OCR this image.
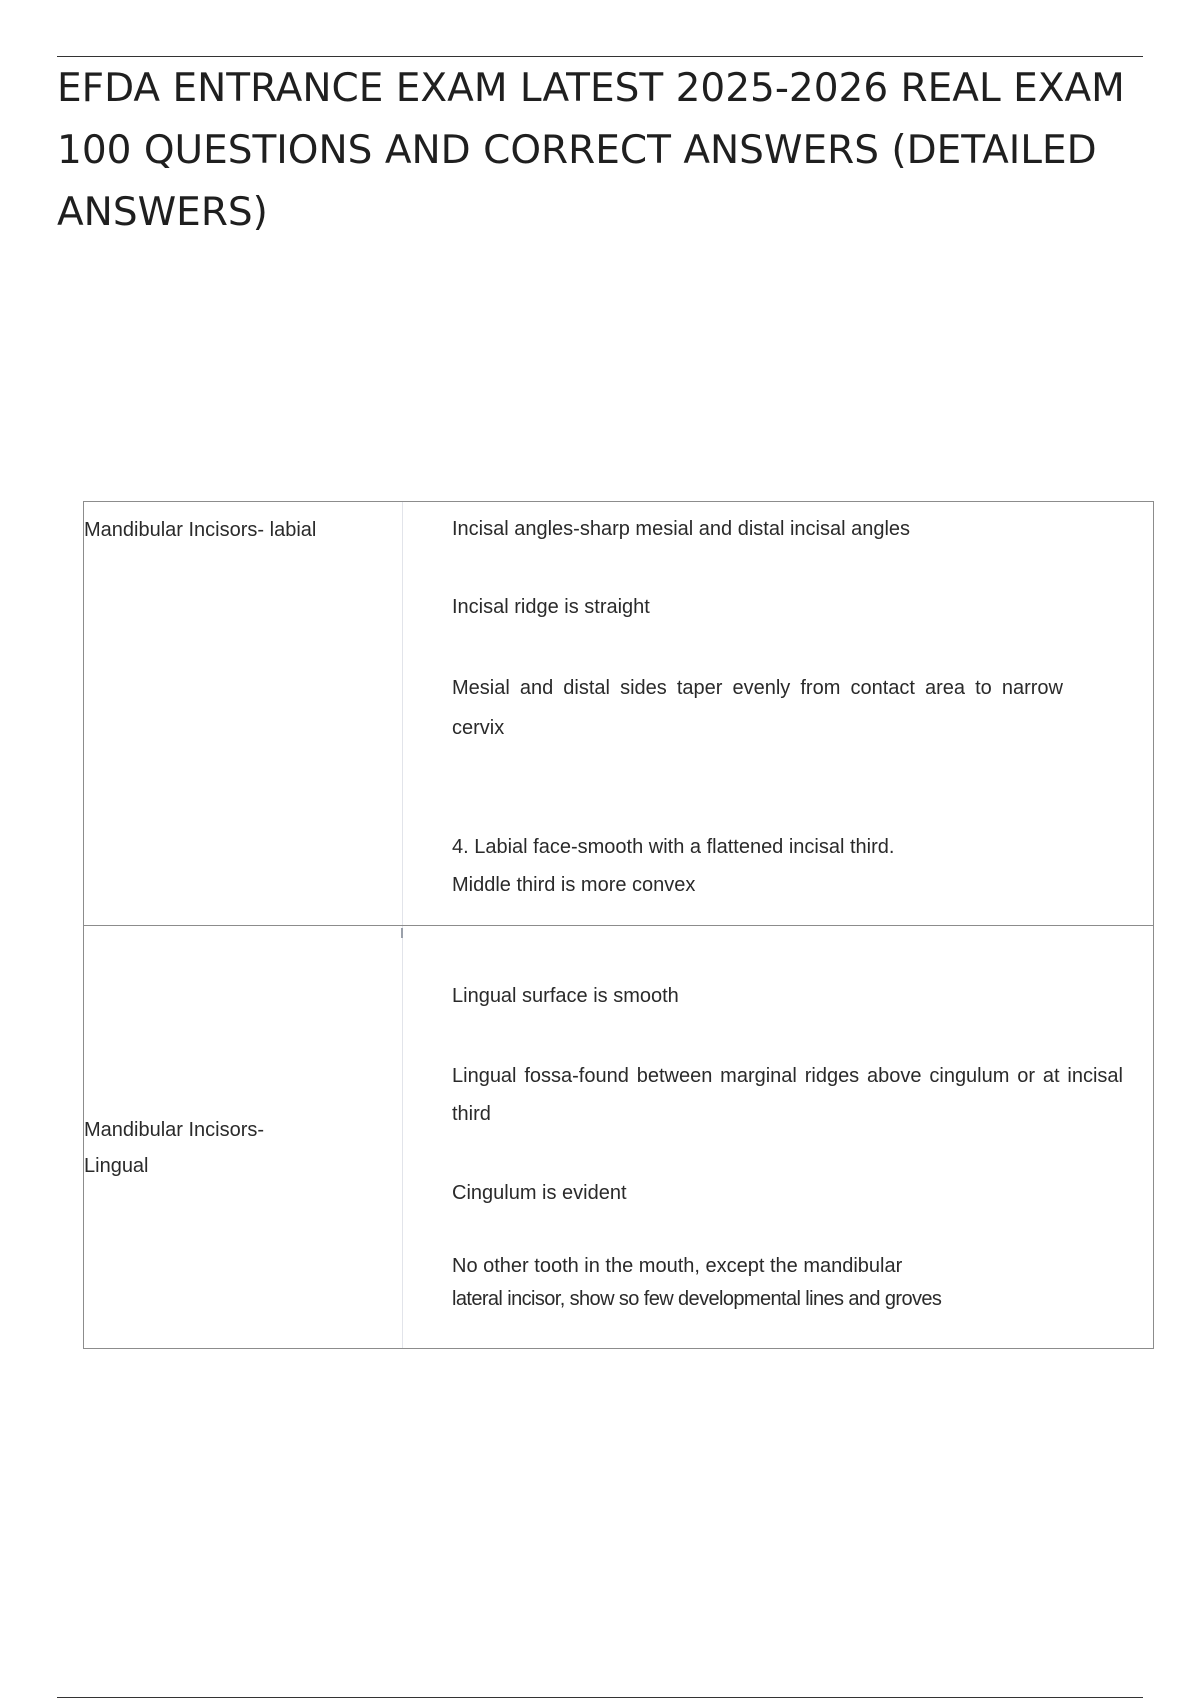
EFDA ENTRANCE EXAM LATEST 2025-2026 REAL EXAM 100 QUESTIONS AND CORRECT ANSWERS (DETAILED ANSWERS)
Mandibular Incisors- labial	Incisal angles-sharp mesial and distal incisal angles

Incisal ridge is straight

Mesial and distal sides taper evenly from contact area to narrow cervix

4. Labial face-smooth with a flattened incisal third.
Middle third is more convex
Mandibular Incisors-Lingual

Lingual surface is smooth

Lingual fossa-found between marginal ridges above cingulum or at incisal third

Cingulum is evident

No other tooth in the mouth, except the mandibular
lateral incisor, show so few developmental lines and groves
